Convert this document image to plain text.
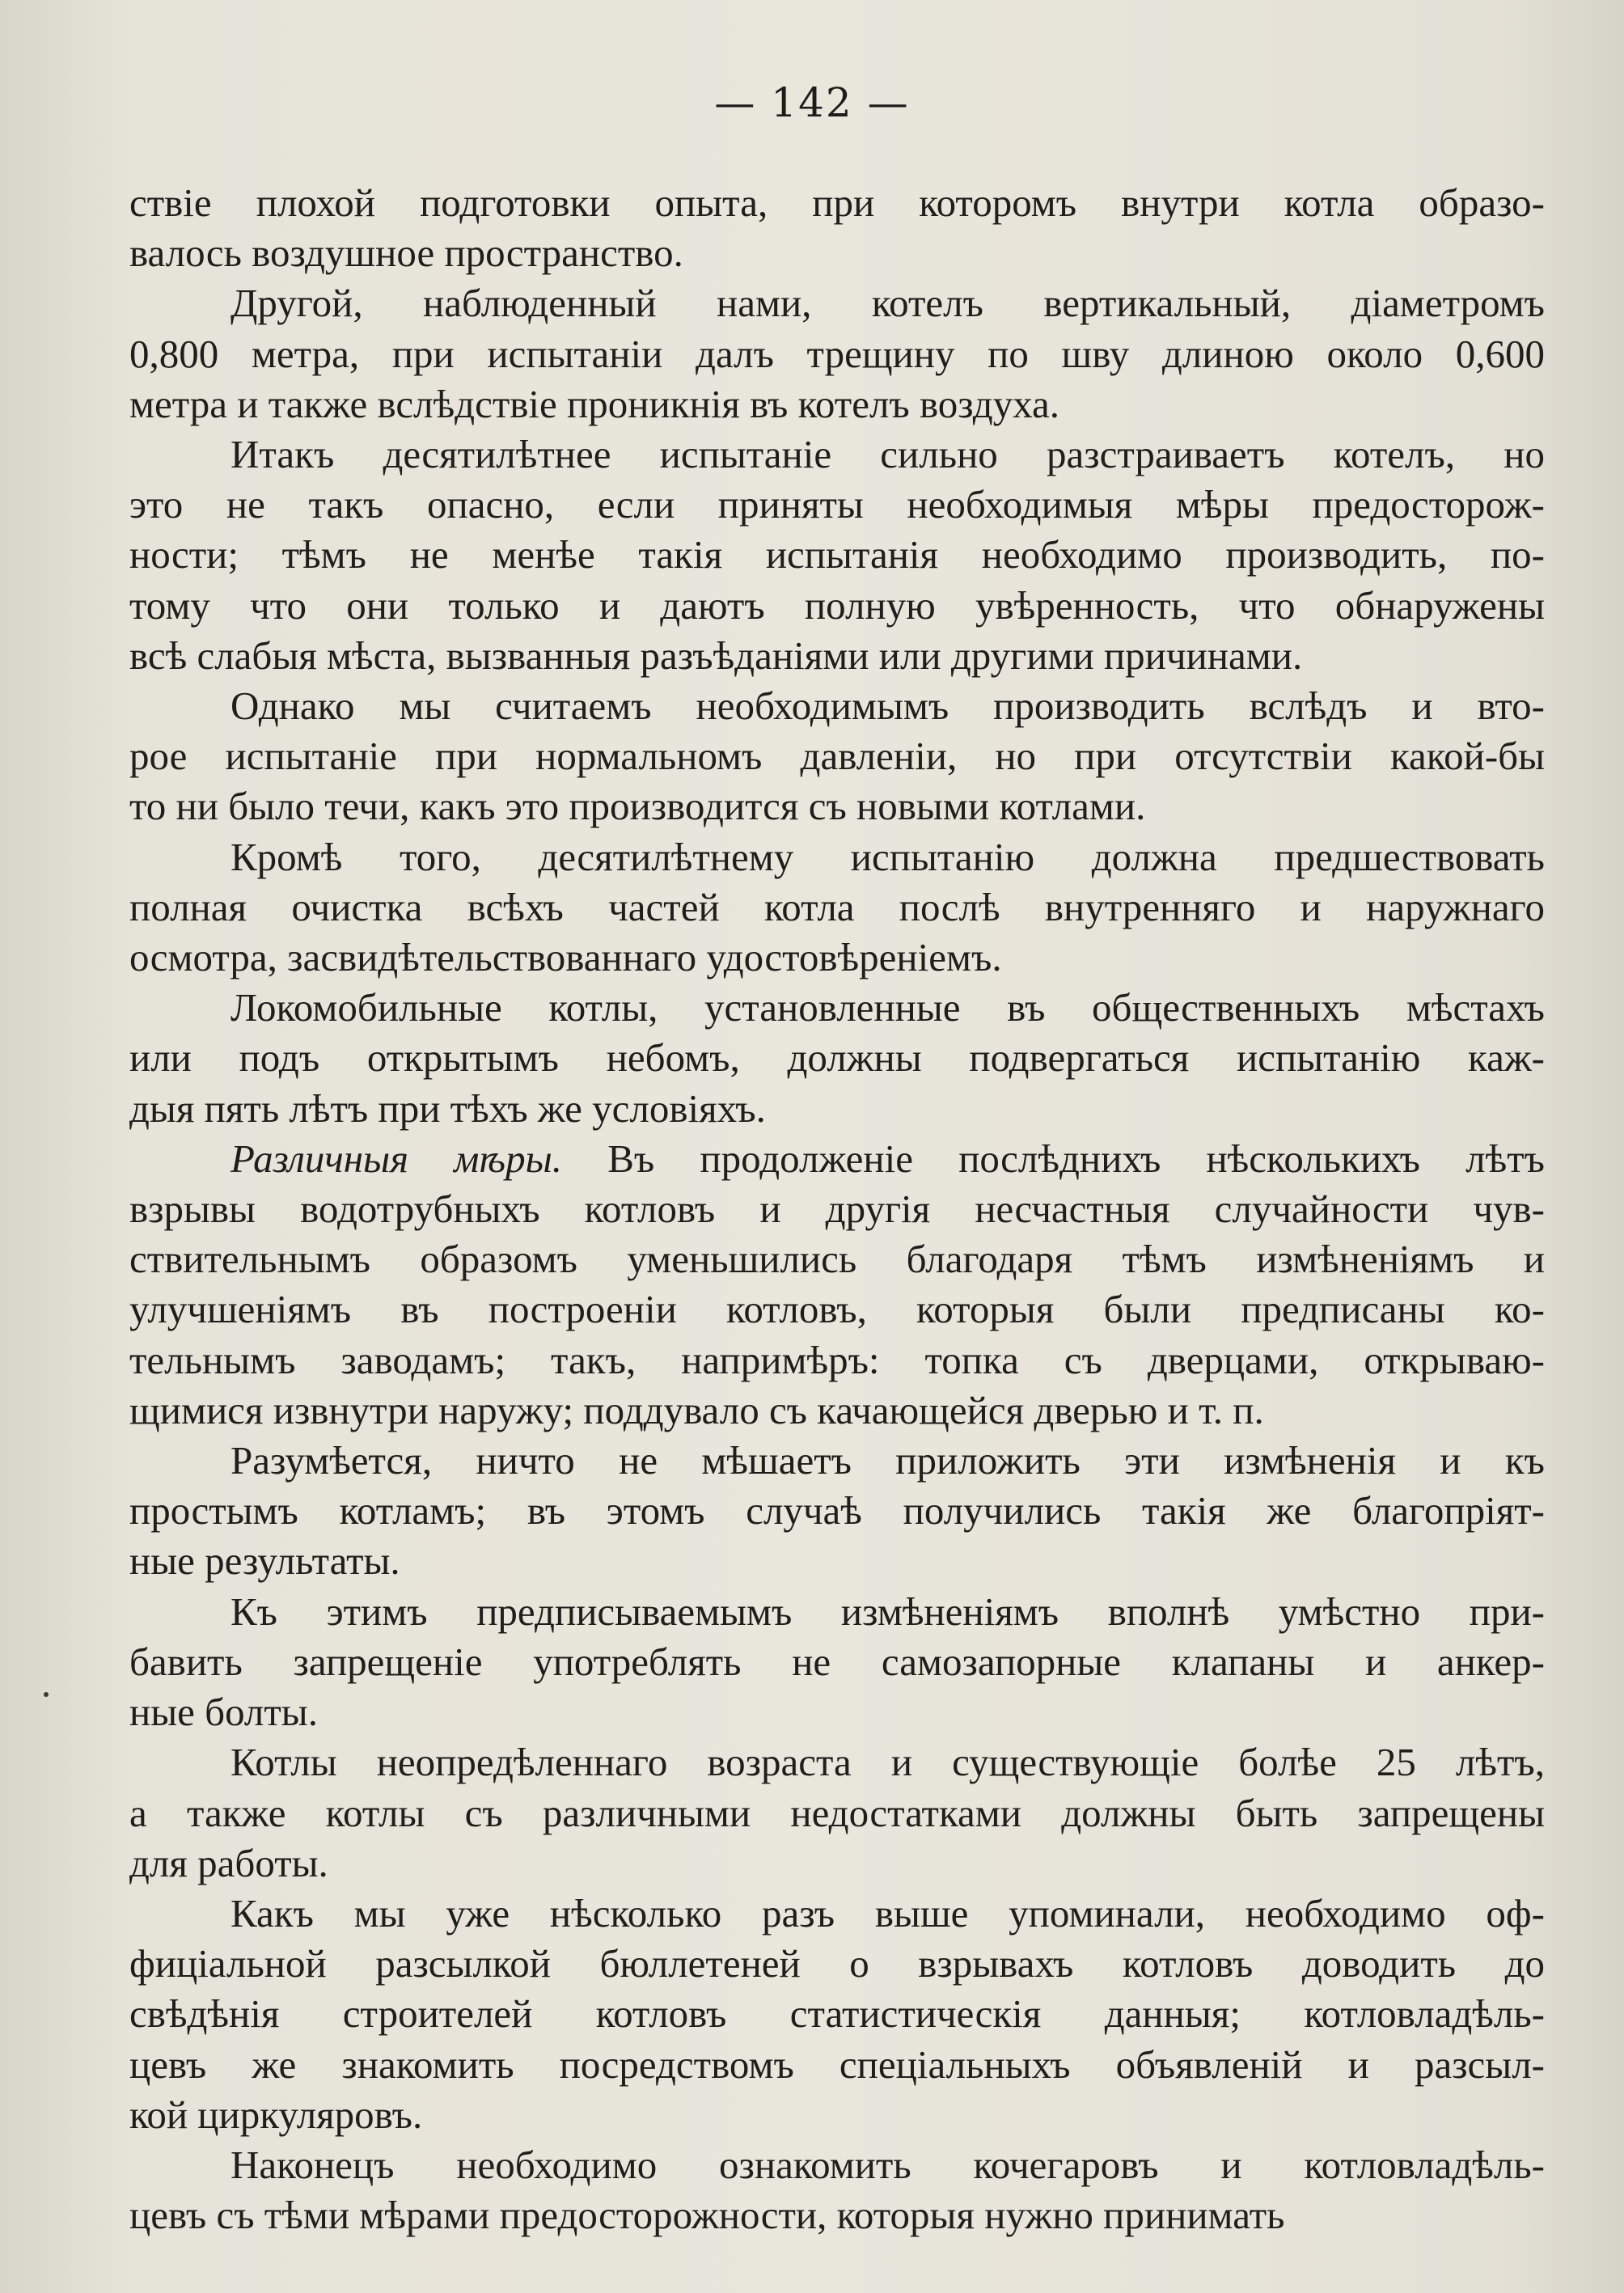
— 142 —
ствіе плохой подготовки опыта, при которомъ внутри котла образо-
валось воздушное пространство.
Другой, наблюденный нами, котелъ вертикальный, діаметромъ
0,800 метра, при испытаніи далъ трещину по шву длиною около 0,600
метра и также вслѣдствіе проникнія въ котелъ воздуха.
Итакъ десятилѣтнее испытаніе сильно разстраиваетъ котелъ, но
это не такъ опасно, если приняты необходимыя мѣры предосторож-
ности; тѣмъ не менѣе такія испытанія необходимо производить, по-
тому что они только и даютъ полную увѣренность, что обнаружены
всѣ слабыя мѣста, вызванныя разъѣданіями или другими причинами.
Однако мы считаемъ необходимымъ производить вслѣдъ и вто-
рое испытаніе при нормальномъ давленіи, но при отсутствіи какой-бы
то ни было течи, какъ это производится съ новыми котлами.
Кромѣ того, десятилѣтнему испытанію должна предшествовать
полная очистка всѣхъ частей котла послѣ внутренняго и наружнаго
осмотра, засвидѣтельствованнаго удостовѣреніемъ.
Локомобильные котлы, установленные въ общественныхъ мѣстахъ
или подъ открытымъ небомъ, должны подвергаться испытанію каж-
дыя пять лѣтъ при тѣхъ же условіяхъ.
Различныя мѣры. Въ продолженіе послѣднихъ нѣсколькихъ лѣтъ
взрывы водотрубныхъ котловъ и другія несчастныя случайности чув-
ствительнымъ образомъ уменьшились благодаря тѣмъ измѣненіямъ и
улучшеніямъ въ построеніи котловъ, которыя были предписаны ко-
тельнымъ заводамъ; такъ, напримѣръ: топка съ дверцами, открываю-
щимися извнутри наружу; поддувало съ качающейся дверью и т. п.
Разумѣется, ничто не мѣшаетъ приложить эти измѣненія и къ
простымъ котламъ; въ этомъ случаѣ получились такія же благопріят-
ные результаты.
Къ этимъ предписываемымъ измѣненіямъ вполнѣ умѣстно при-
бавить запрещеніе употреблять не самозапорные клапаны и анкер-
ные болты.
Котлы неопредѣленнаго возраста и существующіе болѣе 25 лѣтъ,
а также котлы съ различными недостатками должны быть запрещены
для работы.
Какъ мы уже нѣсколько разъ выше упоминали, необходимо оф-
фиціальной разсылкой бюллетеней о взрывахъ котловъ доводить до
свѣдѣнія строителей котловъ статистическія данныя; котловладѣль-
цевъ же знакомить посредствомъ спеціальныхъ объявленій и разсыл-
кой циркуляровъ.
Наконецъ необходимо ознакомить кочегаровъ и котловладѣль-
цевъ съ тѣми мѣрами предосторожности, которыя нужно принимать
